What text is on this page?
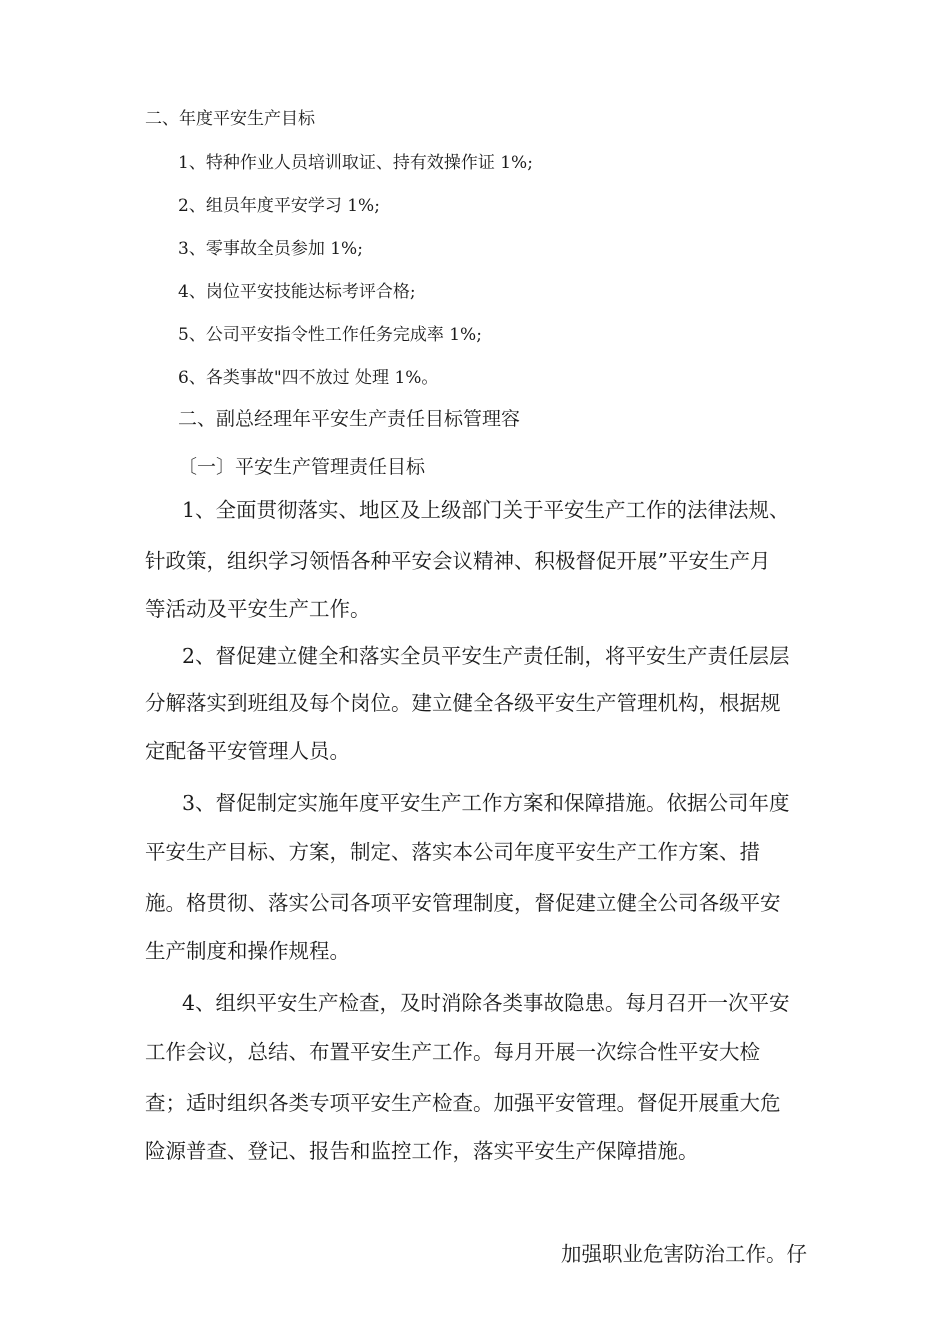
二、年度平安生产目标

1、特种作业人员培训取证、持有效操作证 1%;

2、组员年度平安学习 1%;

3、零事故全员参加 1%;

4、岗位平安技能达标考评合格;

5、公司平安指令性工作任务完成率 1%;

6、各类事故"四不放过 处理 1%。

二、副总经理年平安生产责任目标管理容

〔一〕平安生产管理责任目标

1、全面贯彻落实、地区及上级部门关于平安生产工作的法律法规、
针政策，组织学习领悟各种平安会议精神、积极督促开展”平安生产月
等活动及平安生产工作。
2、督促建立健全和落实全员平安生产责任制，将平安生产责任层层
分解落实到班组及每个岗位。建立健全各级平安生产管理机构，根据规
定配备平安管理人员。
3、督促制定实施年度平安生产工作方案和保障措施。依据公司年度
平安生产目标、方案，制定、落实本公司年度平安生产工作方案、措
施。格贯彻、落实公司各项平安管理制度，督促建立健全公司各级平安
生产制度和操作规程。
4、组织平安生产检查，及时消除各类事故隐患。每月召开一次平安
工作会议，总结、布置平安生产工作。每月开展一次综合性平安大检
查；适时组织各类专项平安生产检查。加强平安管理。督促开展重大危
险源普查、登记、报告和监控工作，落实平安生产保障措施。
加强职业危害防治工作。仔
